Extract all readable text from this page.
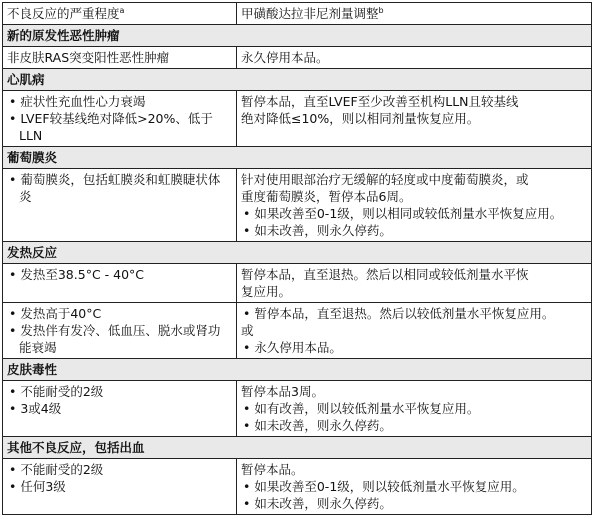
不良反应的严重程度$^a$	甲磺酸达拉非尼剂量调整$^b$
新的原发性恶性肿瘤	

非皮肤RAS突变阳性恶性肿瘤	永久停用本品。

心肌病	

• 症状性充血性心力衰竭
• LVEF较基线绝对降低>20%、低于LLN	暂停本品，直至LVEF至少改善至机构LLN且较基线
绝对降低≤10%，则以相同剂量恢复应用。

葡萄膜炎	

• 葡萄膜炎，包括虹膜炎和虹膜睫状体炎	针对使用眼部治疗无缓解的轻度或中度葡萄膜炎，或
重度葡萄膜炎，暂停本品6周。
• 如果改善至0-1级，则以相同或较低剂量水平恢复应用。
• 如未改善，则永久停药。

发热反应	

• 发热至38.5°C - 40°C	暂停本品，直至退热。然后以相同或较低剂量水平恢
复应用。

• 发热高于40°C
• 发热伴有发冷、低血压、脱水或肾功能衰竭	• 暂停本品，直至退热。然后以较低剂量水平恢复应用。
或
• 永久停用本品。

皮肤毒性	

• 不能耐受的2级
• 3或4级	暂停本品3周。
• 如有改善，则以较低剂量水平恢复应用。
• 如未改善，则永久停药。

其他不良反应，包括出血	

• 不能耐受的2级
• 任何3级	暂停本品。
• 如果改善至0-1级，则以较低剂量水平恢复应用。
• 如未改善，则永久停药。
